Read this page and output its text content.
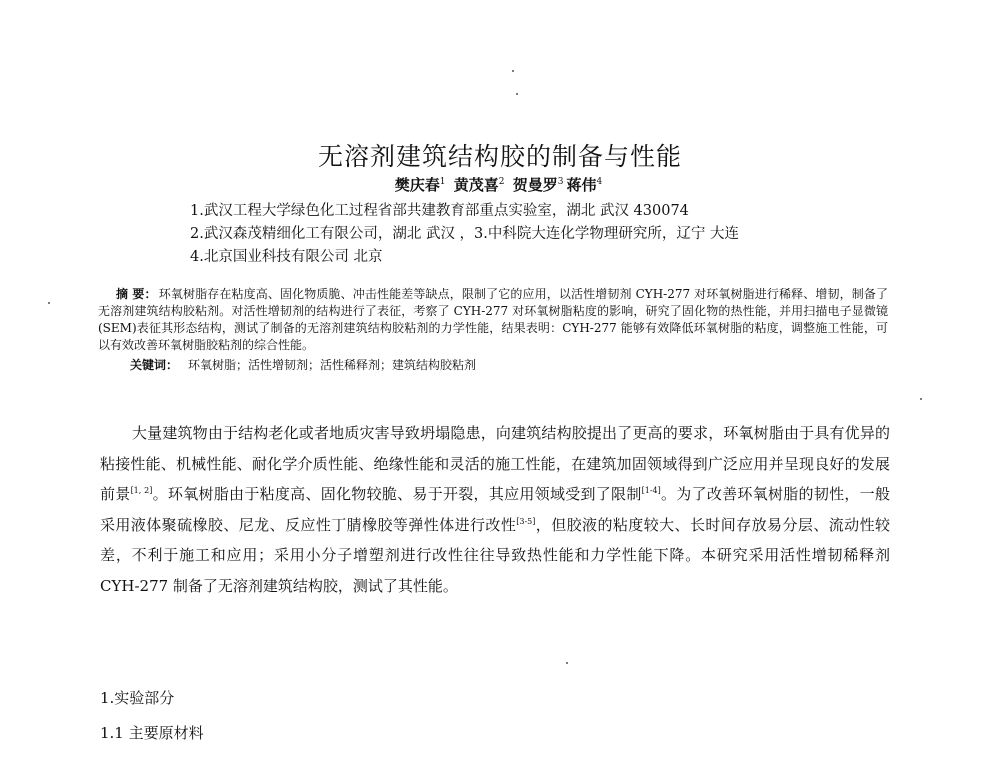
无溶剂建筑结构胶的制备与性能
樊庆春$^1$ 黄茂喜$^2$ 贺曼罗$^3$ 蒋伟$^4$
1.武汉工程大学绿色化工过程省部共建教育部重点实验室，湖北 武汉 430074
2.武汉森茂精细化工有限公司，湖北 武汉 ，3.中科院大连化学物理研究所，辽宁 大连
4.北京国业科技有限公司 北京

摘 要： 环氧树脂存在粘度高、固化物质脆、冲击性能差等缺点，限制了它的应用，以活性增韧剂 CYH-277 对环氧树脂进行稀释、增韧，制备了无溶剂建筑结构胶粘剂。对活性增韧剂的结构进行了表征，考察了 CYH-277 对环氧树脂粘度的影响，研究了固化物的热性能，并用扫描电子显微镜(SEM)表征其形态结构，测试了制备的无溶剂建筑结构胶粘剂的力学性能，结果表明：CYH-277 能够有效降低环氧树脂的粘度，调整施工性能，可以有效改善环氧树脂胶粘剂的综合性能。

关键词： 环氧树脂；活性增韧剂；活性稀释剂；建筑结构胶粘剂

大量建筑物由于结构老化或者地质灾害导致坍塌隐患，向建筑结构胶提出了更高的要求，环氧树脂由于具有优异的粘接性能、机械性能、耐化学介质性能、绝缘性能和灵活的施工性能，在建筑加固领域得到广泛应用并呈现良好的发展前景[1, 2]。环氧树脂由于粘度高、固化物较脆、易于开裂，其应用领域受到了限制[1-4]。为了改善环氧树脂的韧性，一般采用液体聚硫橡胶、尼龙、反应性丁腈橡胶等弹性体进行改性[3-5]，但胶液的粘度较大、长时间存放易分层、流动性较差，不利于施工和应用；采用小分子增塑剂进行改性往往导致热性能和力学性能下降。本研究采用活性增韧稀释剂 CYH-277 制备了无溶剂建筑结构胶，测试了其性能。

1.实验部分
1.1 主要原材料
